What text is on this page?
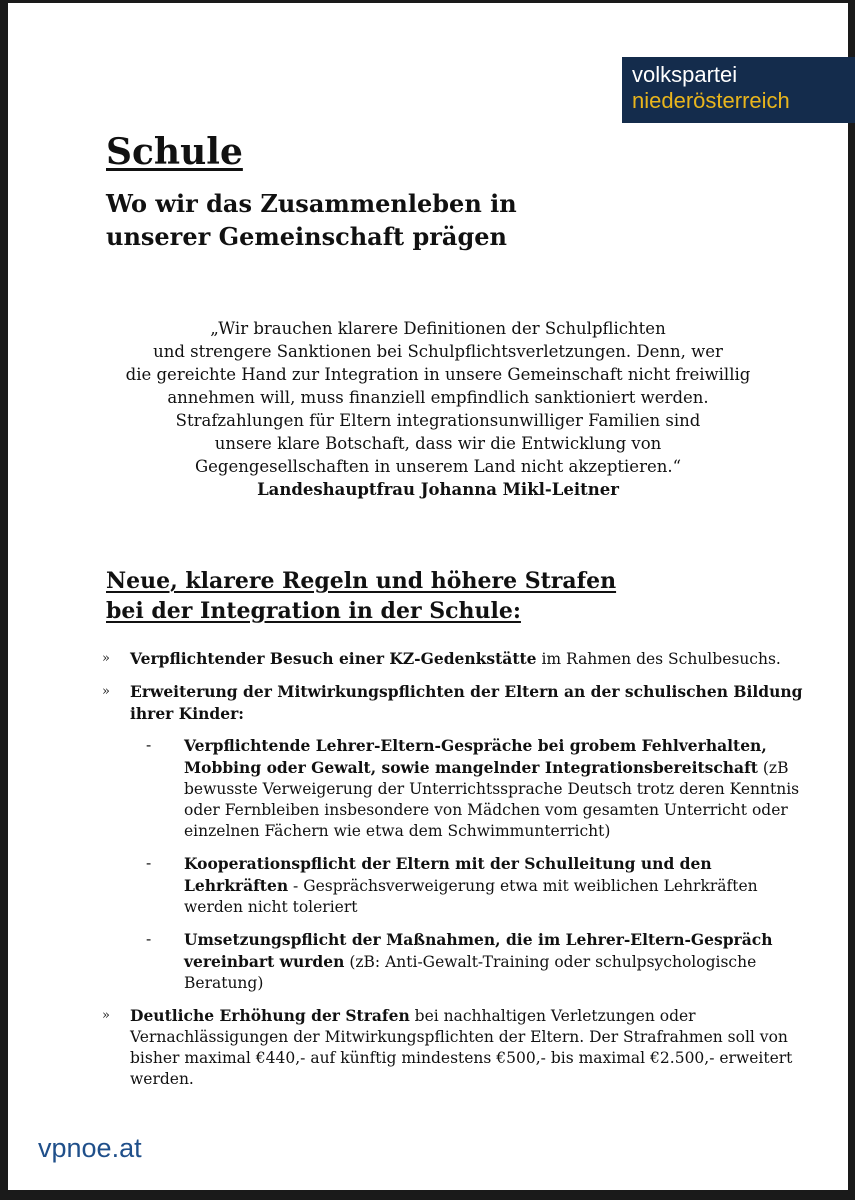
volkspartei
niederösterreich
Schule
Wo wir das Zusammenleben in
unserer Gemeinschaft prägen
„Wir brauchen klarere Definitionen der Schulpflichten
und strengere Sanktionen bei Schulpflichtsverletzungen. Denn, wer
die gereichte Hand zur Integration in unsere Gemeinschaft nicht freiwillig
annehmen will, muss finanziell empfindlich sanktioniert werden.
Strafzahlungen für Eltern integrationsunwilliger Familien sind
unsere klare Botschaft, dass wir die Entwicklung von
Gegengesellschaften in unserem Land nicht akzeptieren.“
Landeshauptfrau Johanna Mikl-Leitner
Neue, klarere Regeln und höhere Strafen
bei der Integration in der Schule:
» Verpflichtender Besuch einer KZ-Gedenkstätte im Rahmen des Schulbesuchs.
» Erweiterung der Mitwirkungspflichten der Eltern an der schulischen Bildung ihrer Kinder:
- Verpflichtende Lehrer-Eltern-Gespräche bei grobem Fehlverhalten, Mobbing oder Gewalt, sowie mangelnder Integrationsbereitschaft (zB bewusste Verweigerung der Unterrichtssprache Deutsch trotz deren Kenntnis oder Fernbleiben insbesondere von Mädchen vom gesamten Unterricht oder einzelnen Fächern wie etwa dem Schwimmunterricht)
- Kooperationspflicht der Eltern mit der Schulleitung und den Lehrkräften - Gesprächsverweigerung etwa mit weiblichen Lehrkräften werden nicht toleriert
- Umsetzungspflicht der Maßnahmen, die im Lehrer-Eltern-Gespräch vereinbart wurden (zB: Anti-Gewalt-Training oder schulpsychologische Beratung)
» Deutliche Erhöhung der Strafen bei nachhaltigen Verletzungen oder Vernachlässigungen der Mitwirkungspflichten der Eltern. Der Strafrahmen soll von bisher maximal €440,- auf künftig mindestens €500,- bis maximal €2.500,- erweitert werden.
vpnoe.at
